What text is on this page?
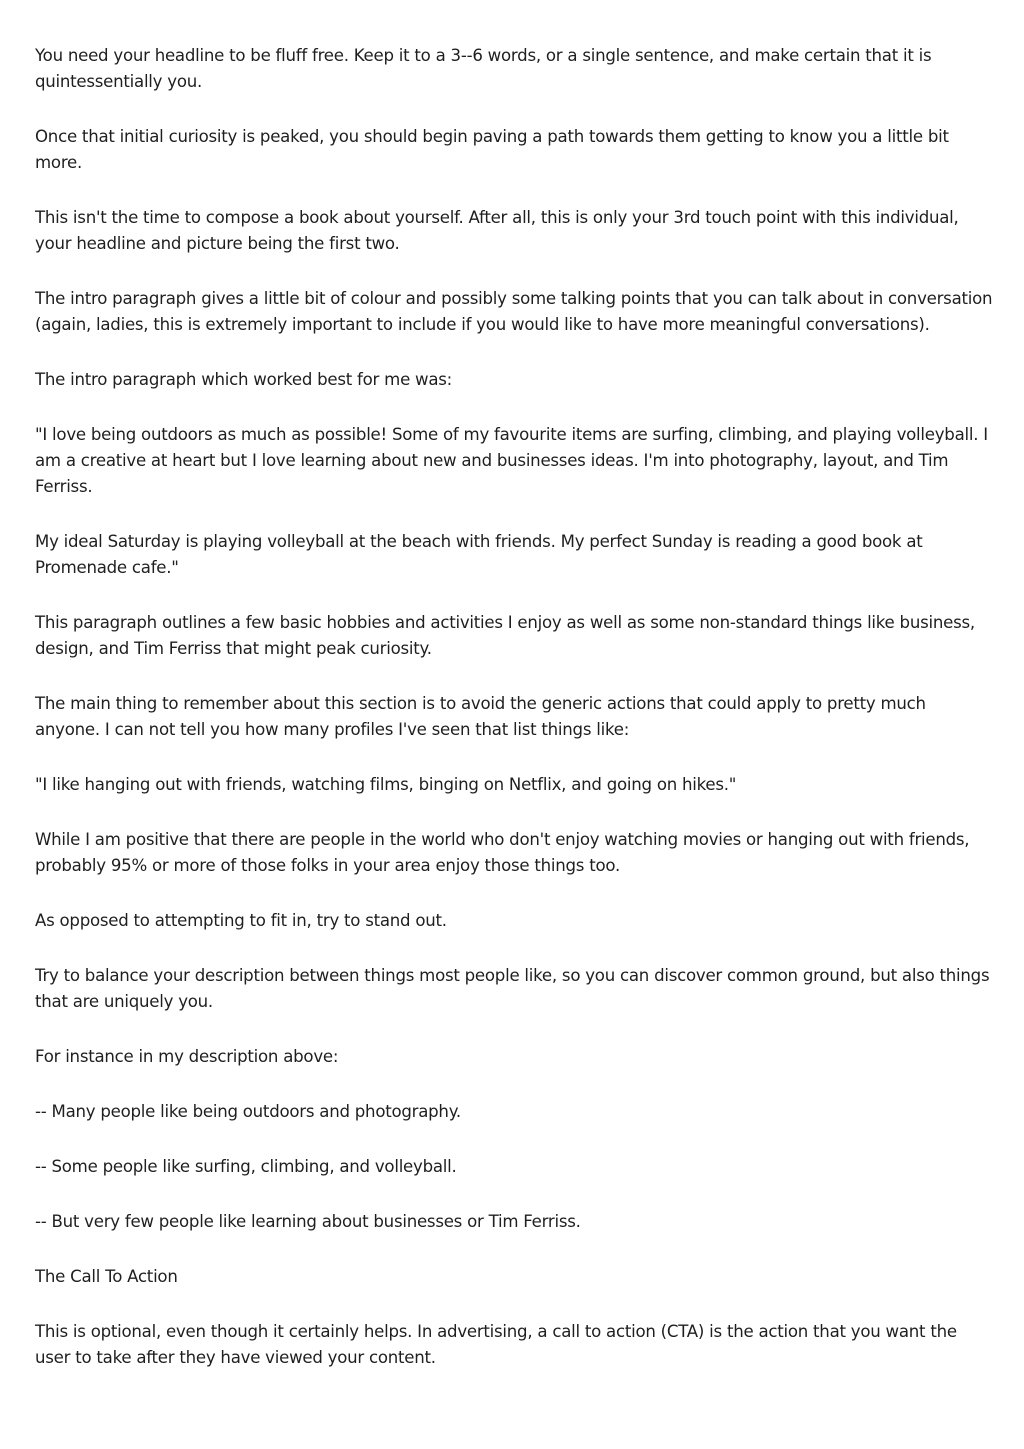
You need your headline to be fluff free. Keep it to a 3--6 words, or a single sentence, and make certain that it is quintessentially you.

Once that initial curiosity is peaked, you should begin paving a path towards them getting to know you a little bit more.

This isn't the time to compose a book about yourself. After all, this is only your 3rd touch point with this individual, your headline and picture being the first two.

The intro paragraph gives a little bit of colour and possibly some talking points that you can talk about in conversation (again, ladies, this is extremely important to include if you would like to have more meaningful conversations).

The intro paragraph which worked best for me was:

"I love being outdoors as much as possible! Some of my favourite items are surfing, climbing, and playing volleyball. I am a creative at heart but I love learning about new and businesses ideas. I'm into photography, layout, and Tim Ferriss.

My ideal Saturday is playing volleyball at the beach with friends. My perfect Sunday is reading a good book at Promenade cafe."

This paragraph outlines a few basic hobbies and activities I enjoy as well as some non-standard things like business, design, and Tim Ferriss that might peak curiosity.

The main thing to remember about this section is to avoid the generic actions that could apply to pretty much anyone. I can not tell you how many profiles I've seen that list things like:

"I like hanging out with friends, watching films, binging on Netflix, and going on hikes."

While I am positive that there are people in the world who don't enjoy watching movies or hanging out with friends, probably 95% or more of those folks in your area enjoy those things too.

As opposed to attempting to fit in, try to stand out.

Try to balance your description between things most people like, so you can discover common ground, but also things that are uniquely you.

For instance in my description above:

-- Many people like being outdoors and photography.

-- Some people like surfing, climbing, and volleyball.

-- But very few people like learning about businesses or Tim Ferriss.

The Call To Action

This is optional, even though it certainly helps. In advertising, a call to action (CTA) is the action that you want the user to take after they have viewed your content.
